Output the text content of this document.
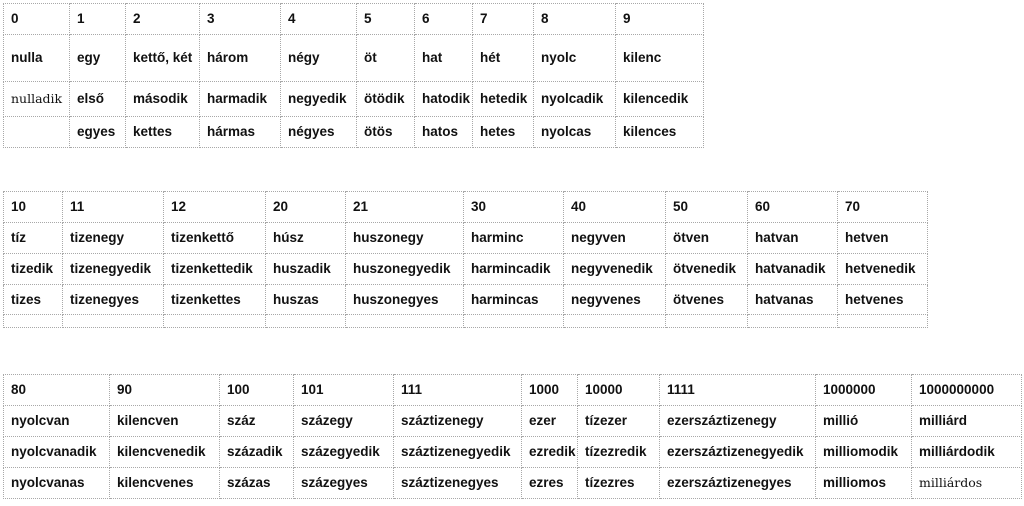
0	1	2	3	4	5	6	7	8	9
nulla	egy	kettő, két	három	négy	öt	hat	hét	nyolc	kilenc
nulladik	első	második	harmadik	negyedik	ötödik	hatodik	hetedik	nyolcadik	kilencedik
	egyes	kettes	hármas	négyes	ötös	hatos	hetes	nyolcas	kilences
10	11	12	20	21	30	40	50	60	70
tíz	tizenegy	tizenkettő	húsz	huszonegy	harminc	negyven	ötven	hatvan	hetven
tizedik	tizenegyedik	tizenkettedik	huszadik	huszonegyedik	harmincadik	negyvenedik	ötvenedik	hatvanadik	hetvenedik
tizes	tizenegyes	tizenkettes	huszas	huszonegyes	harmincas	negyvenes	ötvenes	hatvanas	hetvenes

80	90	100	101	111	1000	10000	1111	1000000	1000000000
nyolcvan	kilencven	száz	százegy	száztizenegy	ezer	tízezer	ezerszáztizenegy	millió	milliárd
nyolcvanadik	kilencvenedik	századik	százegyedik	száztizenegyedik	ezredik	tízezredik	ezerszáztizenegyedik	milliomodik	milliárdodik
nyolcvanas	kilencvenes	százas	százegyes	száztizenegyes	ezres	tízezres	ezerszáztizenegyes	milliomos	milliárdos
